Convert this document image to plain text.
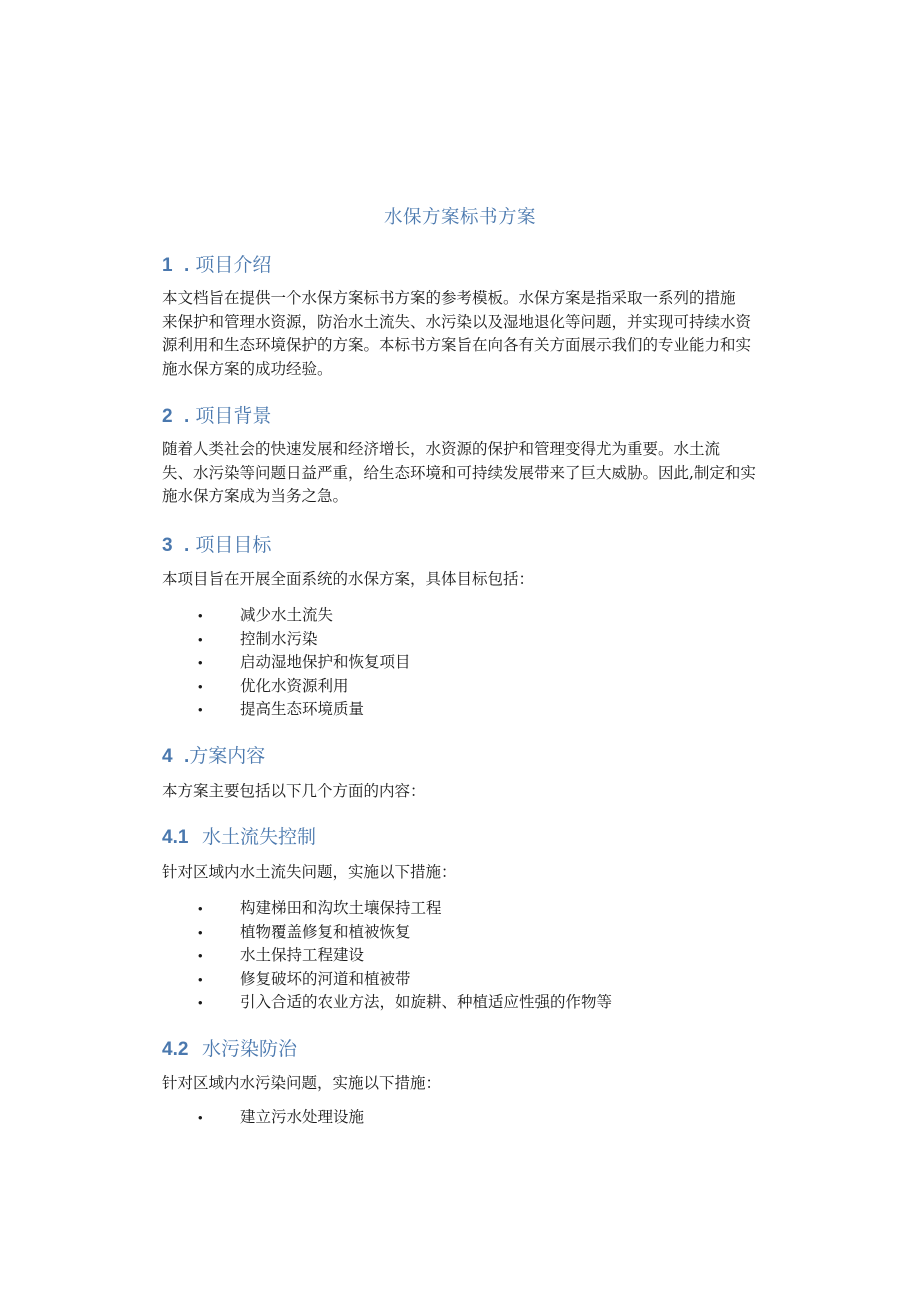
水保方案标书方案
1 . 项目介绍
本文档旨在提供一个水保方案标书方案的参考模板。水保方案是指采取一系列的措施
来保护和管理水资源，防治水土流失、水污染以及湿地退化等问题，并实现可持续水资
源利用和生态环境保护的方案。本标书方案旨在向各有关方面展示我们的专业能力和实
施水保方案的成功经验。
2 . 项目背景
随着人类社会的快速发展和经济增长，水资源的保护和管理变得尤为重要。水土流
失、水污染等问题日益严重，给生态环境和可持续发展带来了巨大威胁。因此,制定和实
施水保方案成为当务之急。
3 . 项目目标
本项目旨在开展全面系统的水保方案，具体目标包括：
• 减少水土流失
• 控制水污染
• 启动湿地保护和恢复项目
• 优化水资源利用
• 提高生态环境质量
4 .方案内容
本方案主要包括以下几个方面的内容：
4.1 水土流失控制
针对区域内水土流失问题，实施以下措施：
• 构建梯田和沟坎土壤保持工程
• 植物覆盖修复和植被恢复
• 水土保持工程建设
• 修复破坏的河道和植被带
• 引入合适的农业方法，如旋耕、种植适应性强的作物等
4.2 水污染防治
针对区域内水污染问题，实施以下措施：
• 建立污水处理设施
